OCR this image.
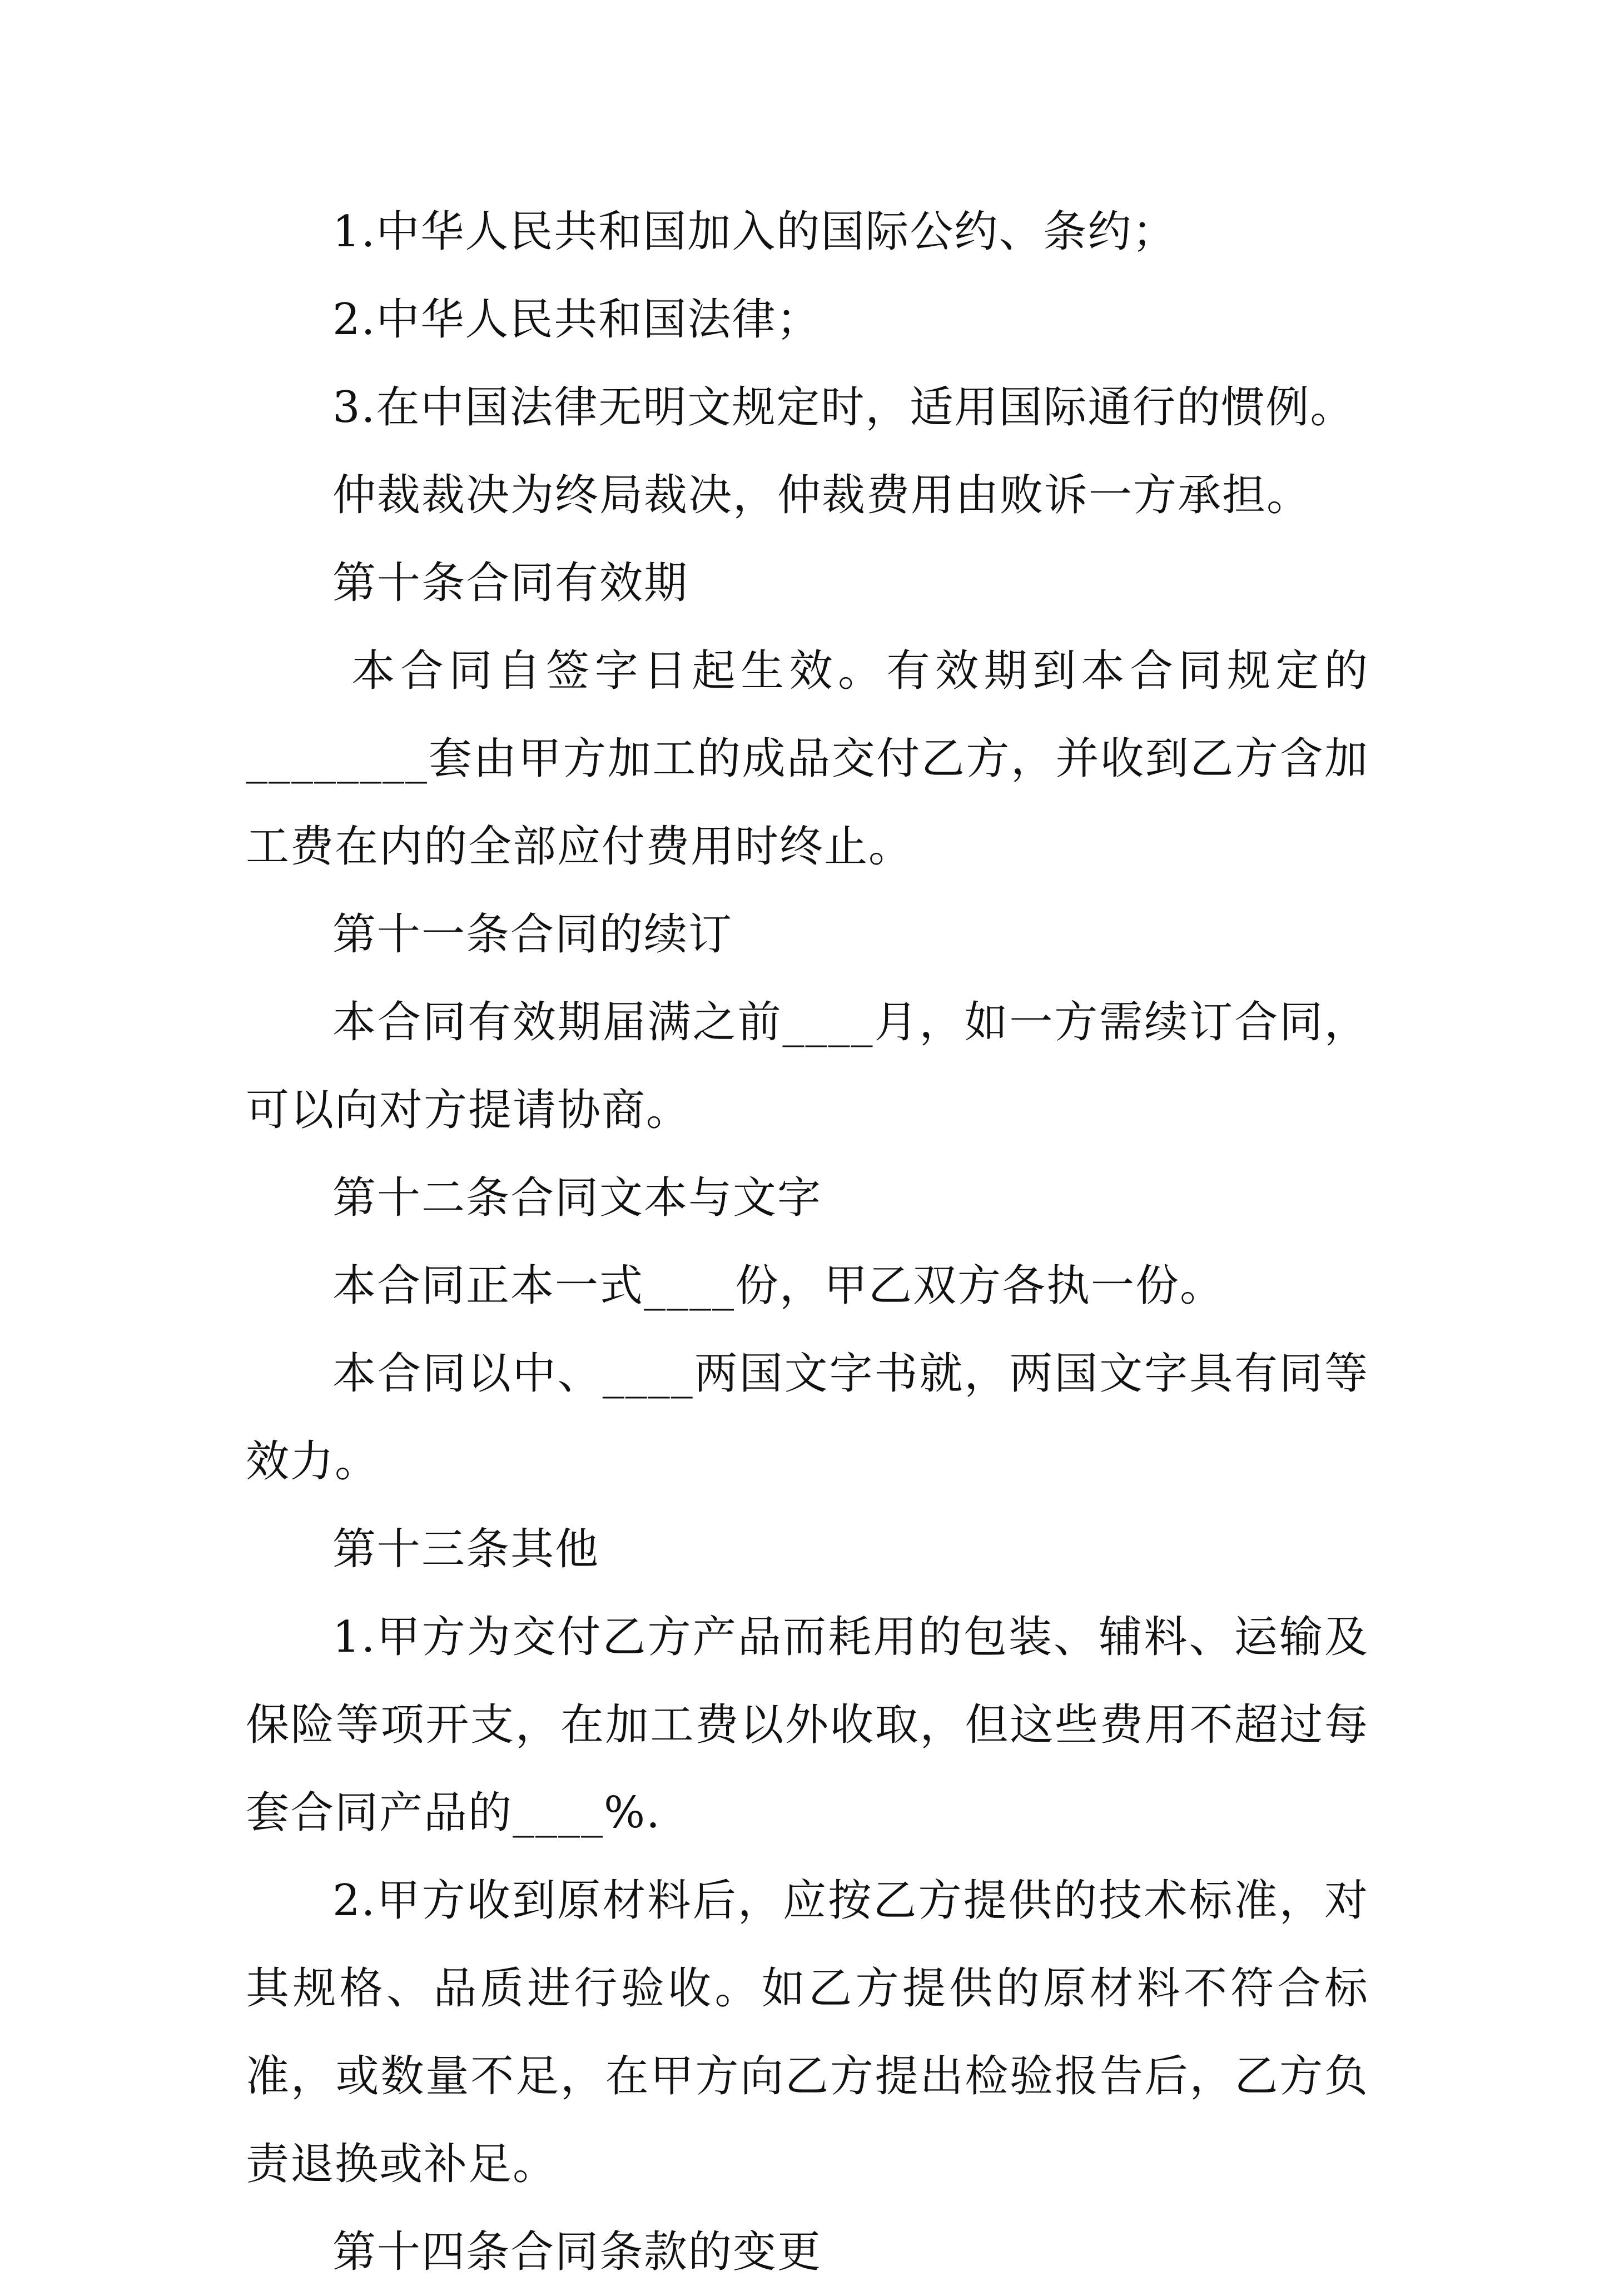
1.中华人民共和国加入的国际公约、条约；

2.中华人民共和国法律；

3.在中国法律无明文规定时，适用国际通行的惯例。

仲裁裁决为终局裁决，仲裁费用由败诉一方承担。

第十条合同有效期

本合同自签字日起生效。有效期到本合同规定的________套由甲方加工的成品交付乙方，并收到乙方含加工费在内的全部应付费用时终止。

第十一条合同的续订

本合同有效期届满之前____月，如一方需续订合同，可以向对方提请协商。

第十二条合同文本与文字

本合同正本一式____份，甲乙双方各执一份。

本合同以中、____两国文字书就，两国文字具有同等效力。

第十三条其他

1.甲方为交付乙方产品而耗用的包装、辅料、运输及保险等项开支，在加工费以外收取，但这些费用不超过每套合同产品的____%.

2.甲方收到原材料后，应按乙方提供的技术标准，对其规格、品质进行验收。如乙方提供的原材料不符合标准，或数量不足，在甲方向乙方提出检验报告后，乙方负责退换或补足。

第十四条合同条款的变更
